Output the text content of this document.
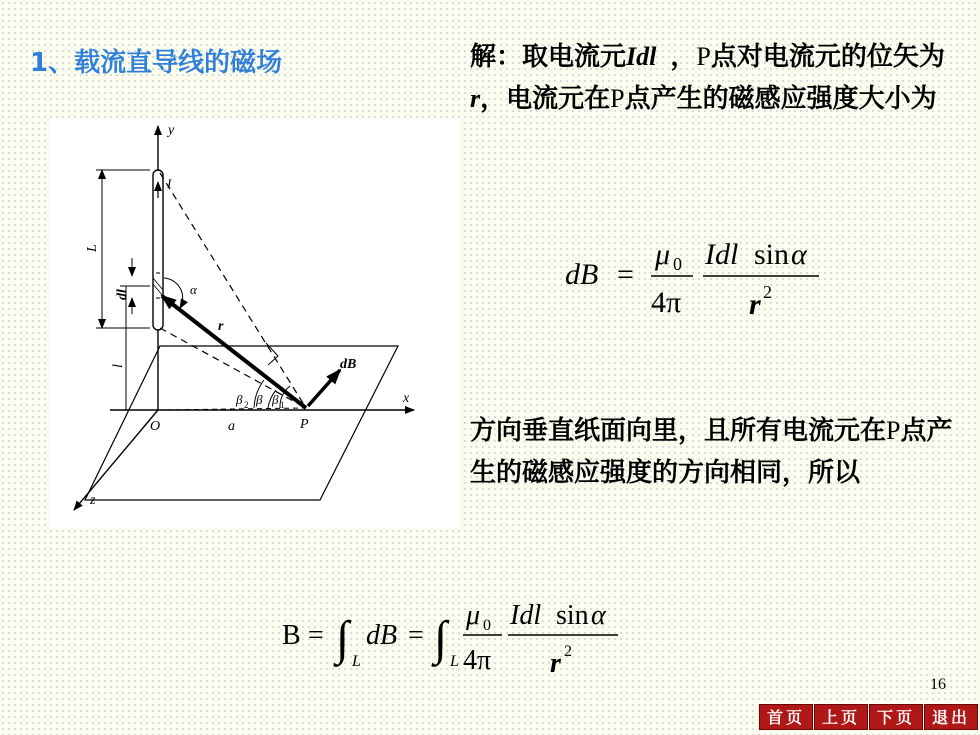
1、载流直导线的磁场	解：取电流元Idl ，P点对电流元的位矢为r，电流元在P点产生的磁感应强度大小为
dB =
μ 0
4π
Idl sin α
r 2
方向垂直纸面向里，且所有电流元在P点产生的磁感应强度的方向相同，所以
B = ∫ L
dB = ∫ L
μ 0
4π
Idl sin α
r 2
y
x
z
O	a	P
I
L
l
dl	α
r
dB
β 2 β β 1
16
首页	上页	下页	退出
